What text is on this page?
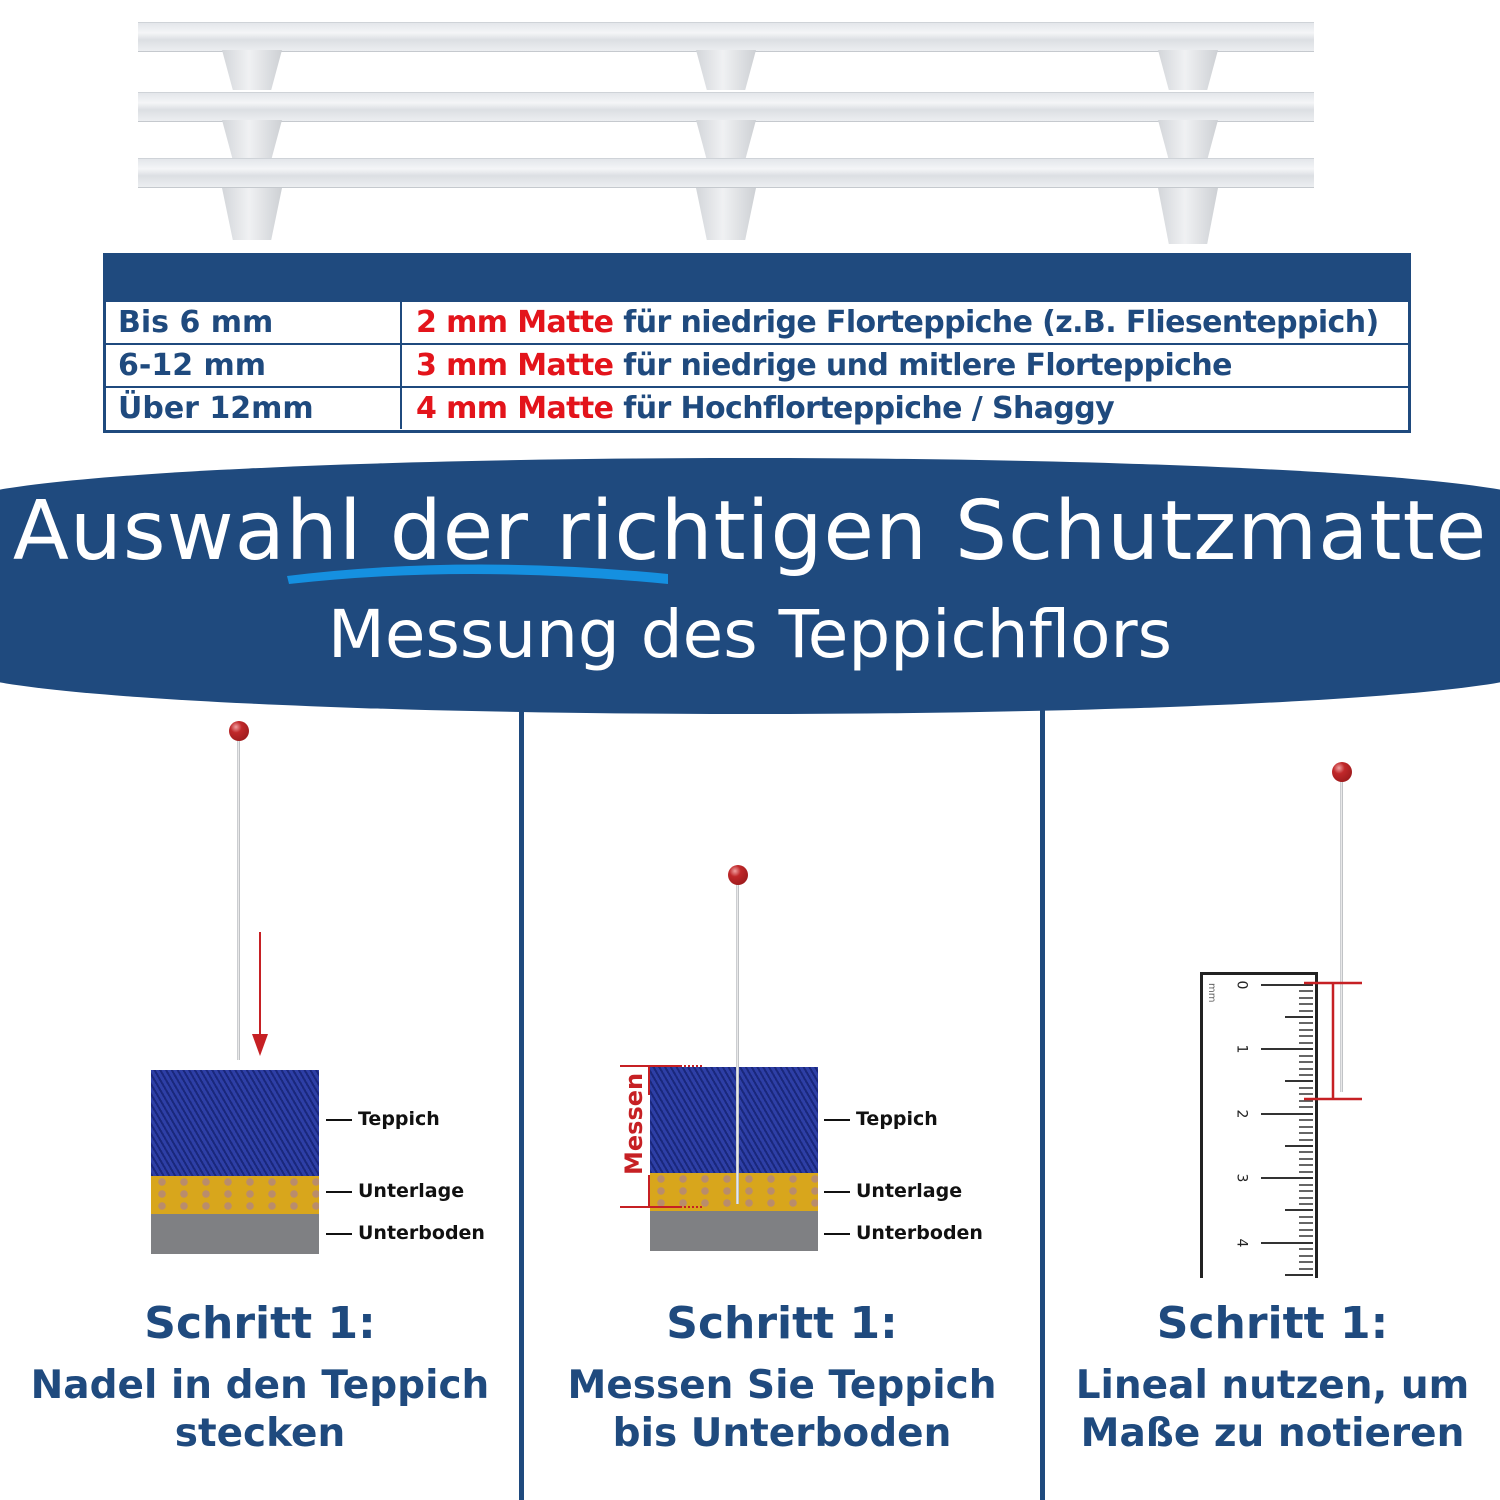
Bis 6 mm	2 mm Matte für niedrige Florteppiche (z.B. Fliesenteppich)
6-12 mm	3 mm Matte für niedrige und mitlere Florteppiche
Über 12mm	4 mm Matte für Hochflorteppiche / Shaggy
Auswahl der richtigen Schutzmatte
Messung des Teppichflors
Teppich
Unterlage
Unterboden
Schritt 1:
Nadel in den Teppich
stecken
Messen	Teppich
Unterlage
Unterboden
Schritt 1:
Messen Sie Teppich
bis Unterboden
mm 0
1
2
3
4
Schritt 1:
Lineal nutzen, um
Maße zu notieren
